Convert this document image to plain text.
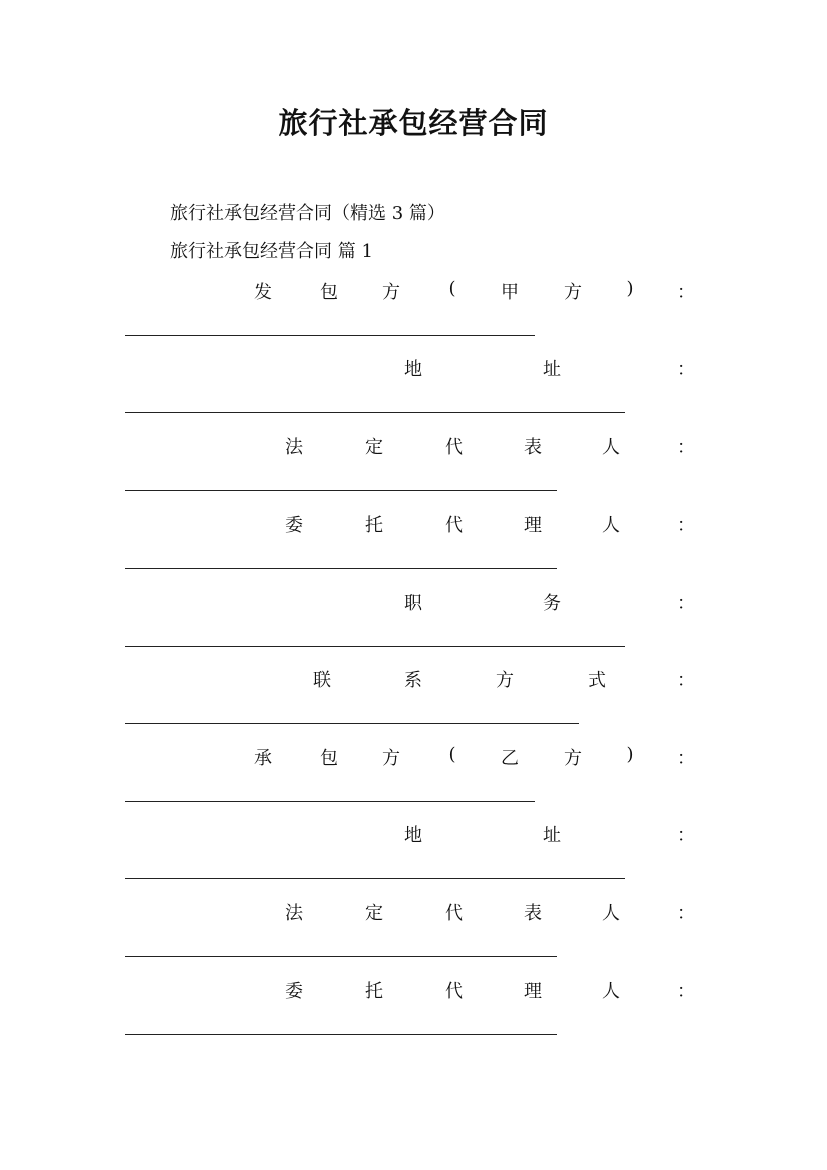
旅行社承包经营合同

旅行社承包经营合同（精选 3 篇）

旅行社承包经营合同 篇 1

发	包 方	(	甲	方	)	：
地	址	：
法	定	代	表	人	：
委	托	代	理	人	：
职	务	：
联	系	方	式	：
承	包 方	(	乙	方	)	：
地	址	：
法	定	代	表	人	：
委	托	代	理	人	：
